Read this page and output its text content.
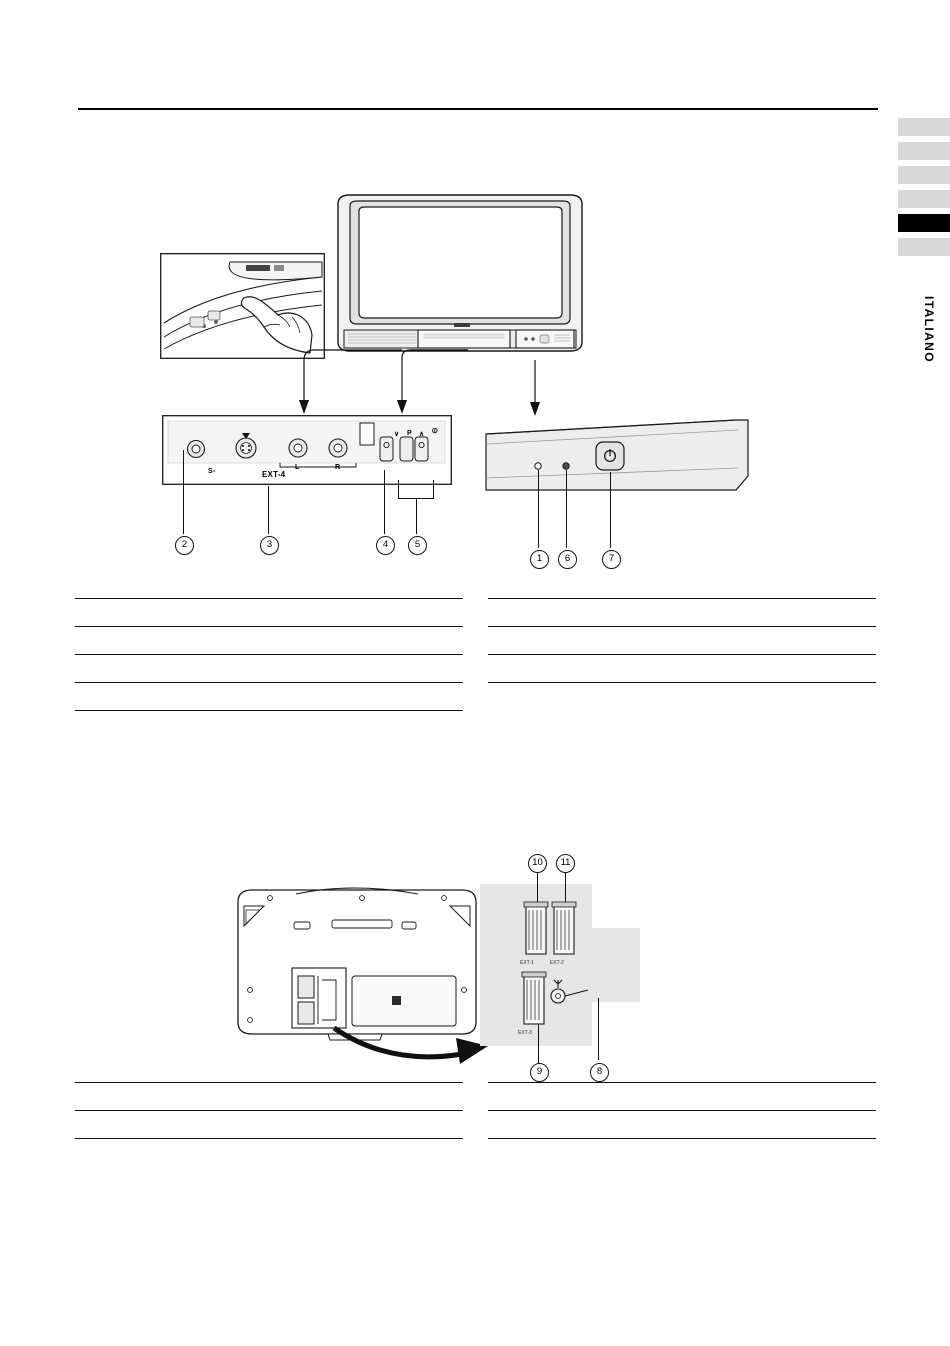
ITALIANO
S-	EXT-4
L	R
∨ P ∧ ⏼
2	3	4	5
1	6	7
EXT-1	EXT-2
EXT-3
10	11
9	8
